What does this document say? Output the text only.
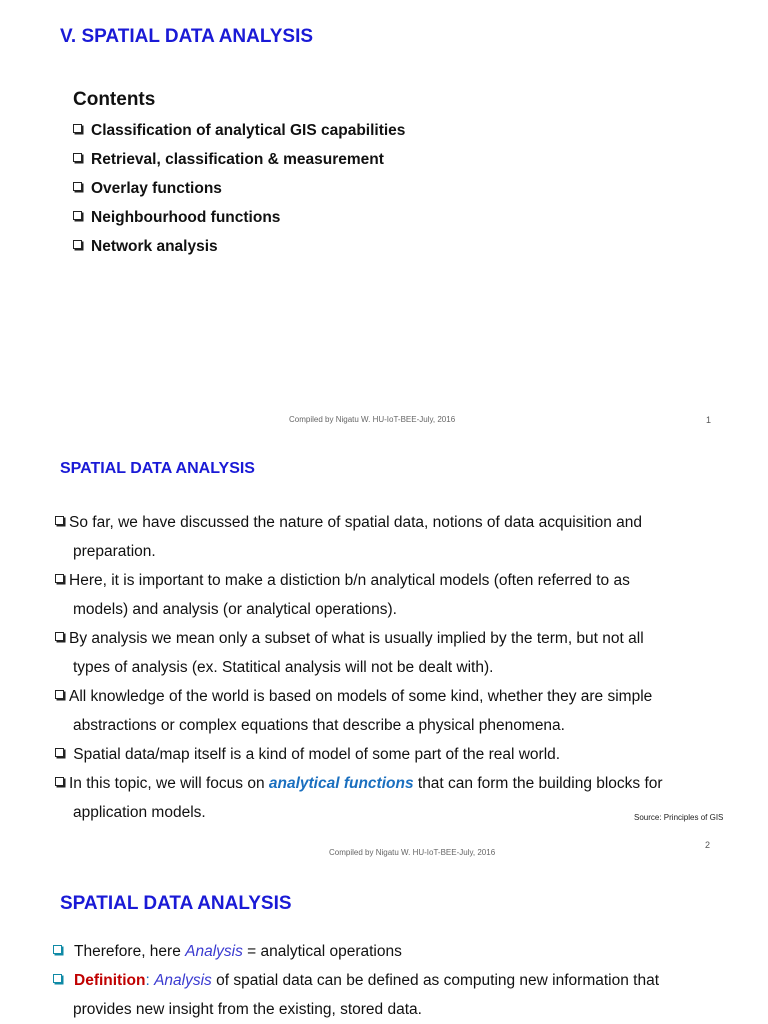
V. SPATIAL DATA ANALYSIS
Contents
Classification of analytical GIS capabilities
Retrieval, classification & measurement
Overlay functions
Neighbourhood functions
Network analysis
Compiled by Nigatu W. HU-IoT-BEE-July, 2016	1
SPATIAL DATA ANALYSIS
So far, we have discussed the nature of spatial data, notions of data acquisition and
preparation.
Here, it is important to make a distiction b/n analytical models (often referred to as
models) and analysis (or analytical operations).
By analysis we mean only a subset of what is usually implied by the term, but not all
types of analysis (ex. Statitical analysis will not be dealt with).
All knowledge of the world is based on models of some kind, whether they are simple
abstractions or complex equations that describe a physical phenomena.
Spatial data/map itself is a kind of model of some part of the real world.
In this topic, we will focus on analytical functions that can form the building blocks for
application models.	Source: Principles of GIS
2
Compiled by Nigatu W. HU-IoT-BEE-July, 2016
SPATIAL DATA ANALYSIS
Therefore, here Analysis = analytical operations
Definition: Analysis of spatial data can be defined as computing new information that
provides new insight from the existing, stored data.
